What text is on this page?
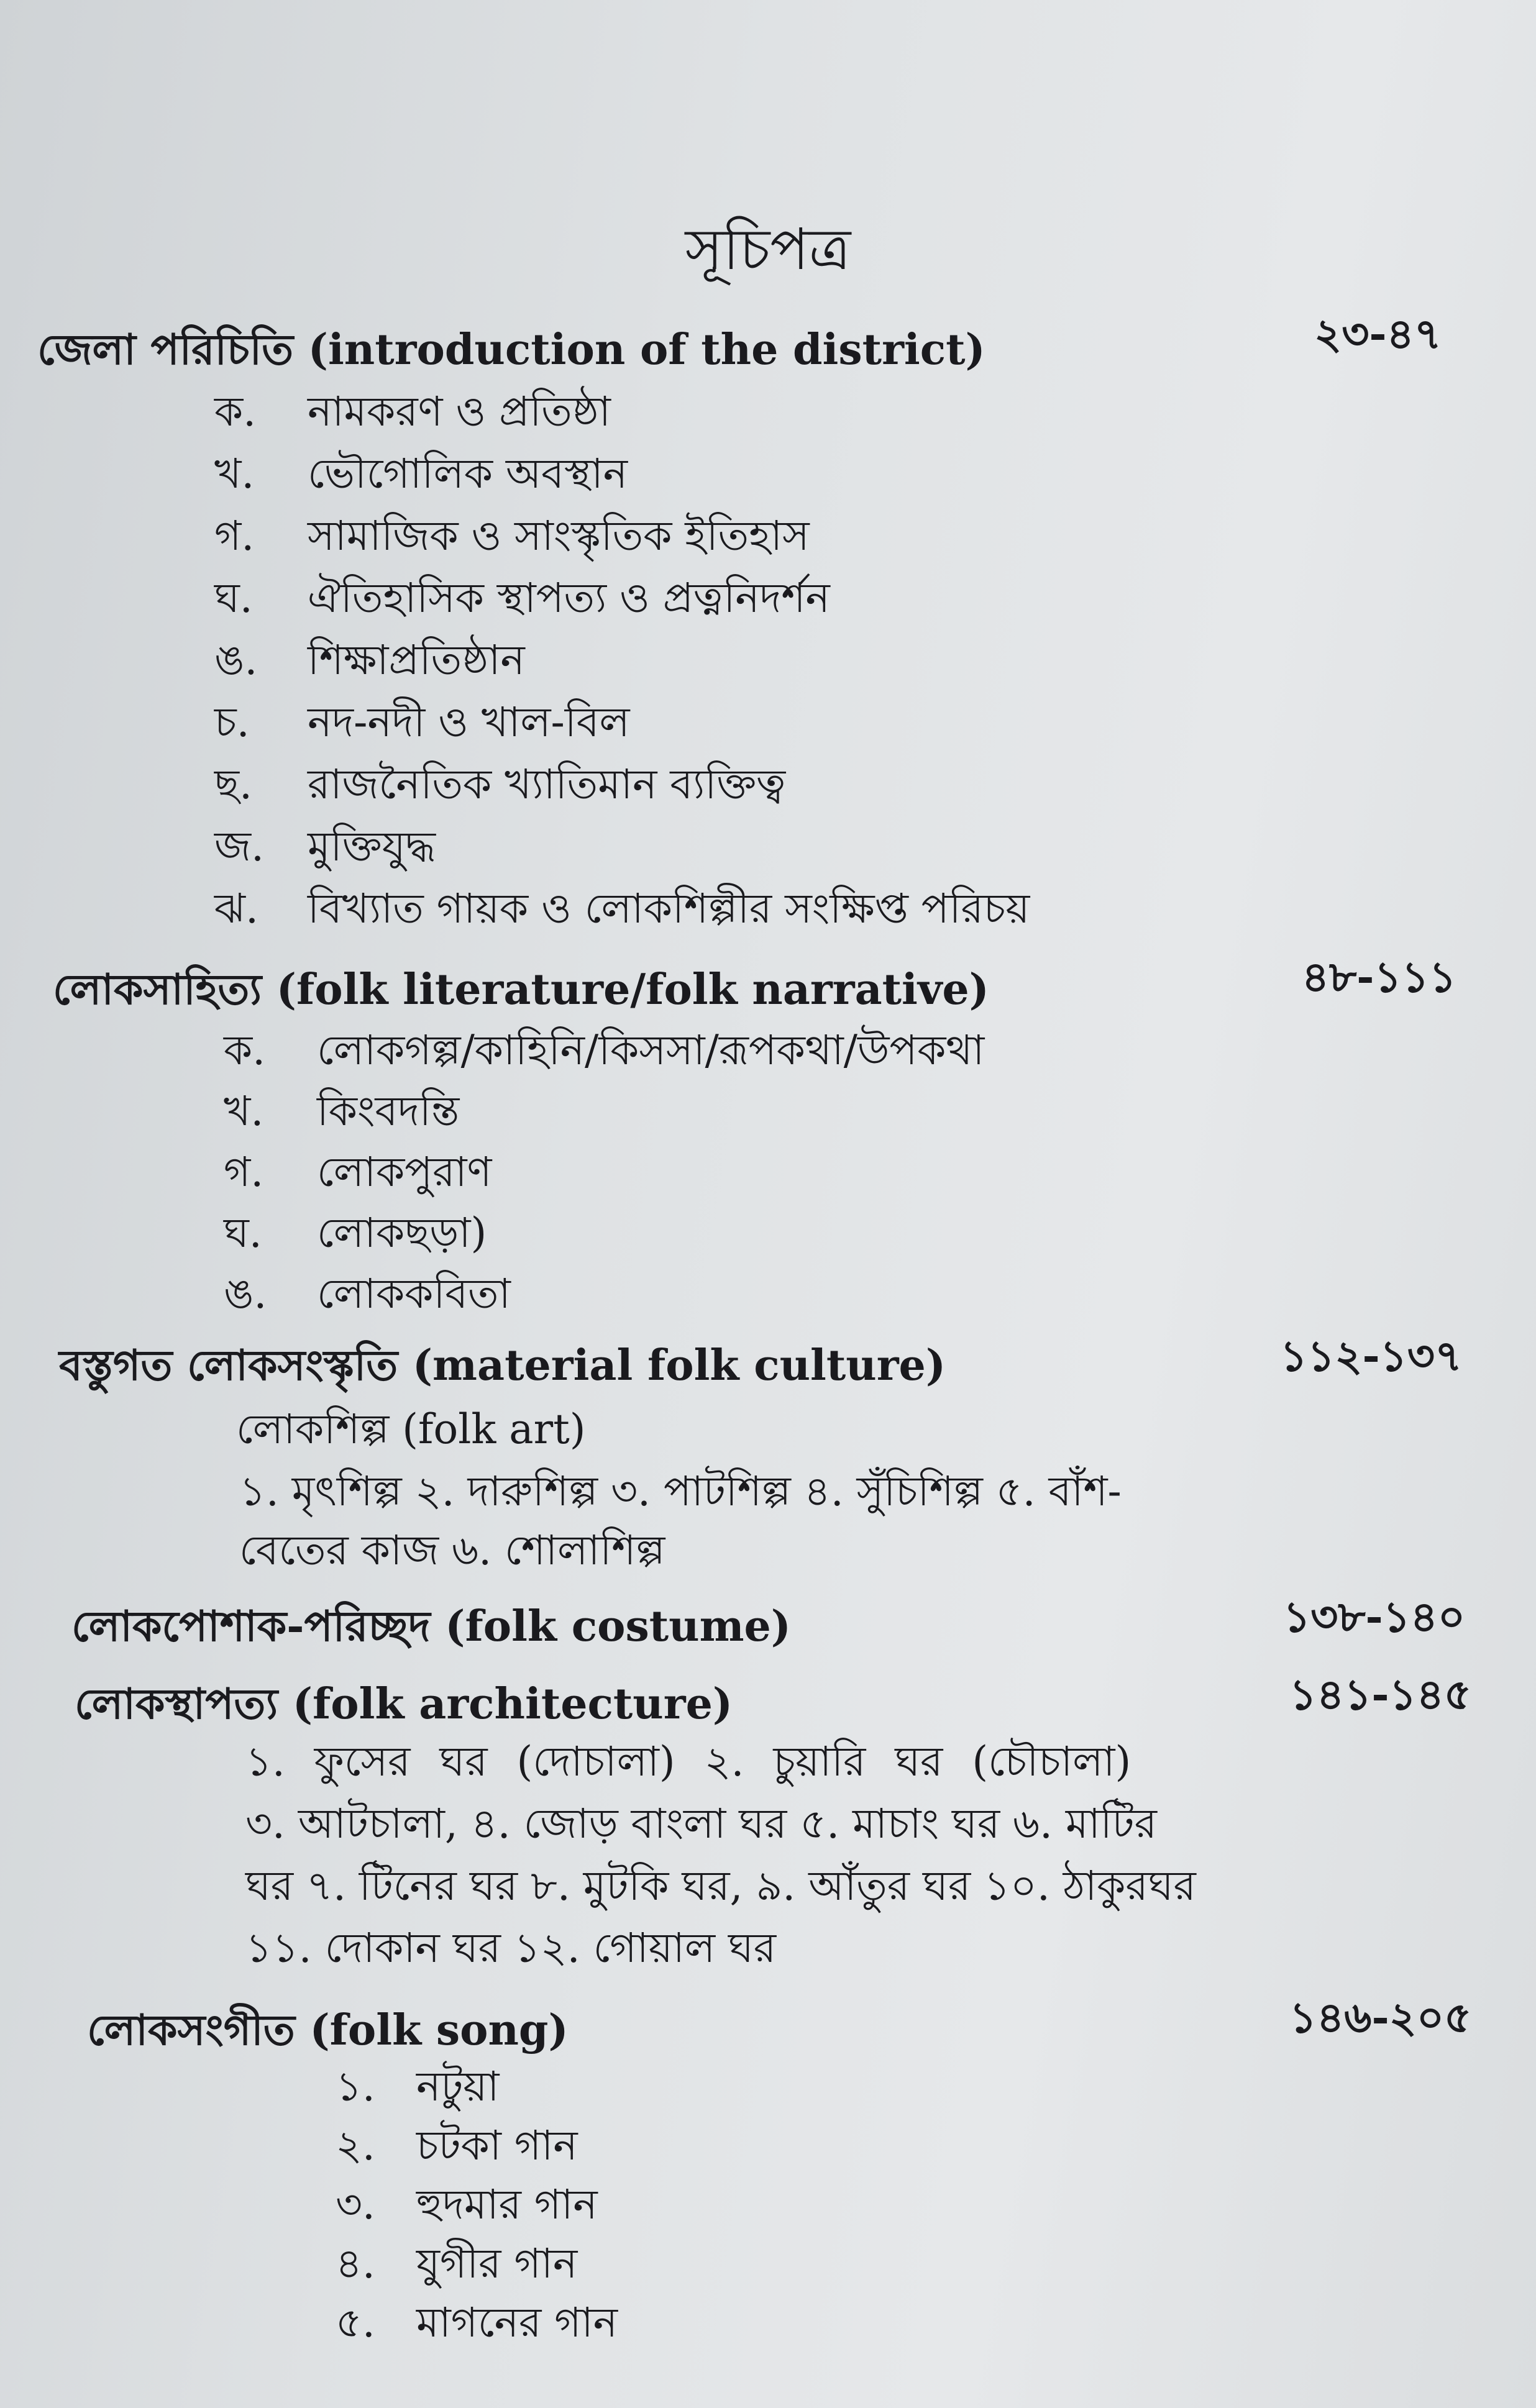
সূচিপত্র
জেলা পরিচিতি (introduction of the district)	২৩-৪৭
ক. নামকরণ ও প্রতিষ্ঠা
খ. ভৌগোলিক অবস্থান
গ. সামাজিক ও সাংস্কৃতিক ইতিহাস
ঘ. ঐতিহাসিক স্থাপত্য ও প্রত্ননিদর্শন
ঙ. শিক্ষাপ্রতিষ্ঠান
চ. নদ-নদী ও খাল-বিল
ছ. রাজনৈতিক খ্যাতিমান ব্যক্তিত্ব
জ. মুক্তিযুদ্ধ
ঝ. বিখ্যাত গায়ক ও লোকশিল্পীর সংক্ষিপ্ত পরিচয়
লোকসাহিত্য (folk literature/folk narrative)	৪৮-১১১
ক. লোকগল্প/কাহিনি/কিসসা/রূপকথা/উপকথা
খ. কিংবদন্তি
গ. লোকপুরাণ
ঘ. লোকছড়া)
ঙ. লোককবিতা
বস্তুগত লোকসংস্কৃতি (material folk culture)	১১২-১৩৭
লোকশিল্প (folk art)
১. মৃৎশিল্প ২. দারুশিল্প ৩. পাটশিল্প ৪. সুঁচিশিল্প ৫. বাঁশ-
বেতের কাজ ৬. শোলাশিল্প
লোকপোশাক-পরিচ্ছদ (folk costume)	১৩৮-১৪০
লোকস্থাপত্য (folk architecture)	১৪১-১৪৫
১. ফুসের ঘর (দোচালা) ২. চুয়ারি ঘর (চৌচালা)
৩. আটচালা, ৪. জোড় বাংলা ঘর ৫. মাচাং ঘর ৬. মাটির
ঘর ৭. টিনের ঘর ৮. মুটকি ঘর, ৯. আঁতুর ঘর ১০. ঠাকুরঘর
১১. দোকান ঘর ১২. গোয়াল ঘর
লোকসংগীত (folk song)	১৪৬-২০৫
১. নটুয়া
২. চটকা গান
৩. হুদমার গান
৪. যুগীর গান
৫. মাগনের গান
